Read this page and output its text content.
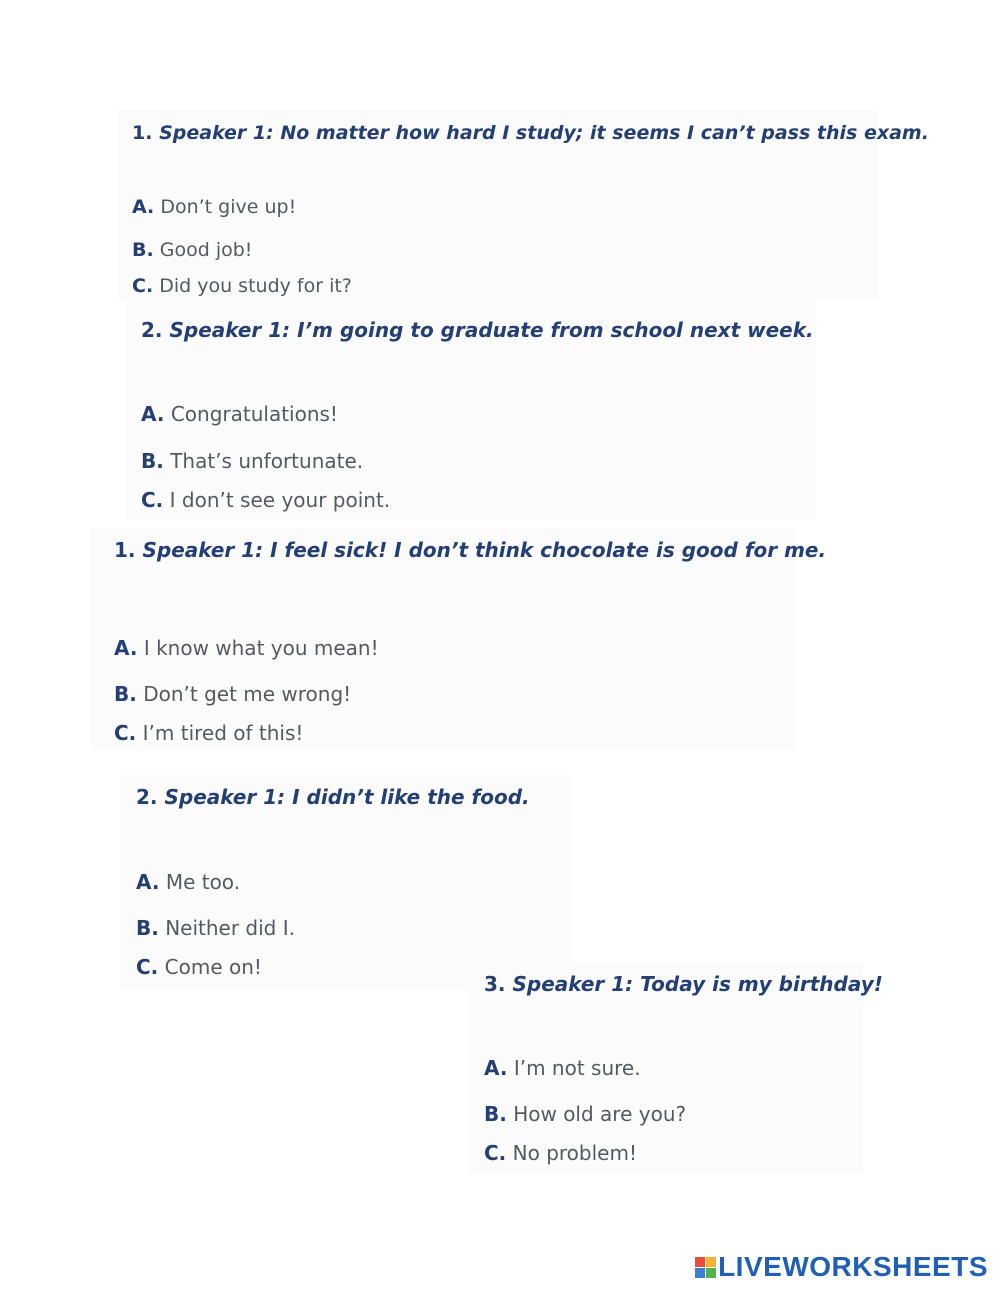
1. Speaker 1: No matter how hard I study; it seems I can’t pass this exam.
A. Don’t give up!
B. Good job!
C. Did you study for it?
2. Speaker 1: I’m going to graduate from school next week.
A. Congratulations!
B. That’s unfortunate.
C. I don’t see your point.
1. Speaker 1: I feel sick! I don’t think chocolate is good for me.
A. I know what you mean!
B. Don’t get me wrong!
C. I’m tired of this!
2. Speaker 1: I didn’t like the food.
A. Me too.
B. Neither did I.
C. Come on!
3. Speaker 1: Today is my birthday!
A. I’m not sure.
B. How old are you?
C. No problem!
LIVEWORKSHEETS
